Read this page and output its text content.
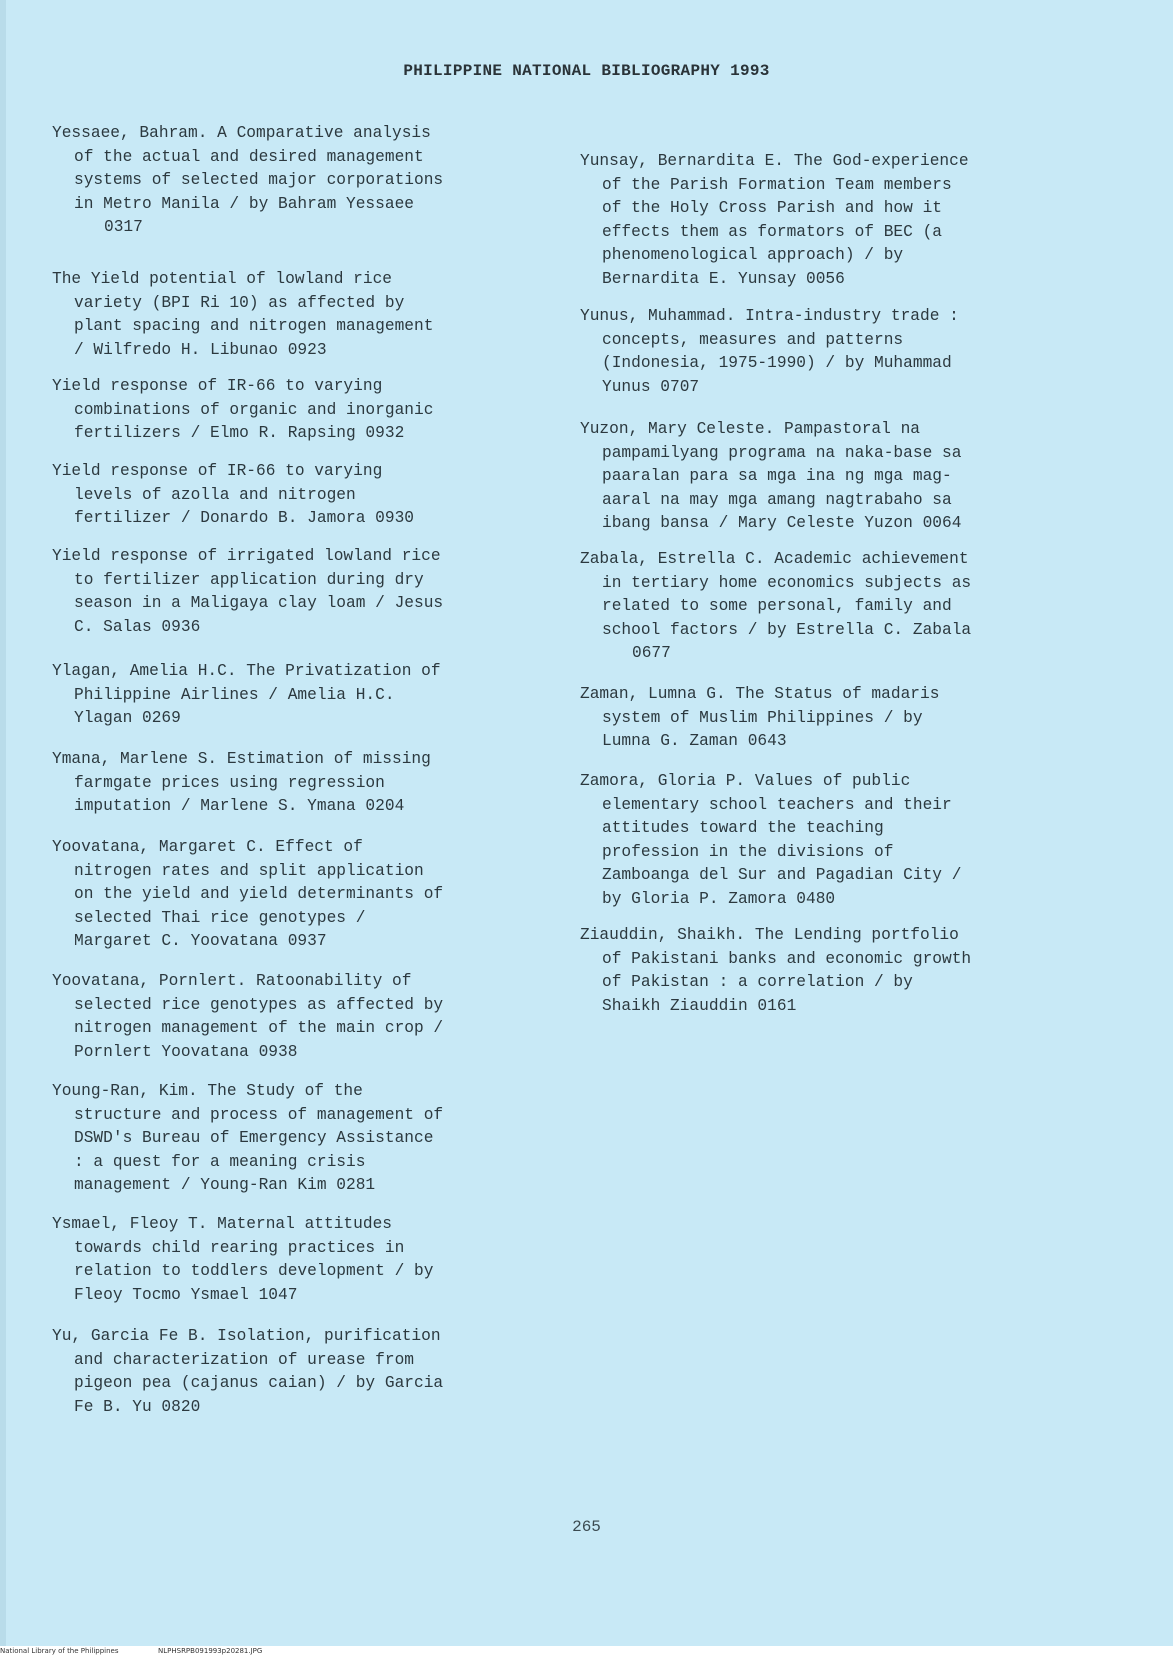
PHILIPPINE NATIONAL BIBLIOGRAPHY 1993
Yessaee, Bahram. A Comparative analysis
of the actual and desired management
systems of selected major corporations
in Metro Manila / by Bahram Yessaee
0317
The Yield potential of lowland rice
variety (BPI Ri 10) as affected by
plant spacing and nitrogen management
/ Wilfredo H. Libunao 0923
Yield response of IR-66 to varying
combinations of organic and inorganic
fertilizers / Elmo R. Rapsing 0932
Yield response of IR-66 to varying
levels of azolla and nitrogen
fertilizer / Donardo B. Jamora 0930
Yield response of irrigated lowland rice
to fertilizer application during dry
season in a Maligaya clay loam / Jesus
C. Salas 0936
Ylagan, Amelia H.C. The Privatization of
Philippine Airlines / Amelia H.C.
Ylagan 0269
Ymana, Marlene S. Estimation of missing
farmgate prices using regression
imputation / Marlene S. Ymana 0204
Yoovatana, Margaret C. Effect of
nitrogen rates and split application
on the yield and yield determinants of
selected Thai rice genotypes /
Margaret C. Yoovatana 0937
Yoovatana, Pornlert. Ratoonability of
selected rice genotypes as affected by
nitrogen management of the main crop /
Pornlert Yoovatana 0938
Young-Ran, Kim. The Study of the
structure and process of management of
DSWD's Bureau of Emergency Assistance
: a quest for a meaning crisis
management / Young-Ran Kim 0281
Ysmael, Fleoy T. Maternal attitudes
towards child rearing practices in
relation to toddlers development / by
Fleoy Tocmo Ysmael 1047
Yu, Garcia Fe B. Isolation, purification
and characterization of urease from
pigeon pea (cajanus caian) / by Garcia
Fe B. Yu 0820
Yunsay, Bernardita E. The God-experience
of the Parish Formation Team members
of the Holy Cross Parish and how it
effects them as formators of BEC (a
phenomenological approach) / by
Bernardita E. Yunsay 0056
Yunus, Muhammad. Intra-industry trade :
concepts, measures and patterns
(Indonesia, 1975-1990) / by Muhammad
Yunus 0707
Yuzon, Mary Celeste. Pampastoral na
pampamilyang programa na naka-base sa
paaralan para sa mga ina ng mga mag-
aaral na may mga amang nagtrabaho sa
ibang bansa / Mary Celeste Yuzon 0064
Zabala, Estrella C. Academic achievement
in tertiary home economics subjects as
related to some personal, family and
school factors / by Estrella C. Zabala
0677
Zaman, Lumna G. The Status of madaris
system of Muslim Philippines / by
Lumna G. Zaman 0643
Zamora, Gloria P. Values of public
elementary school teachers and their
attitudes toward the teaching
profession in the divisions of
Zamboanga del Sur and Pagadian City /
by Gloria P. Zamora 0480
Ziauddin, Shaikh. The Lending portfolio
of Pakistani banks and economic growth
of Pakistan : a correlation / by
Shaikh Ziauddin 0161
265
National Library of the Philippines	NLPHSRPB091993p20281.JPG
